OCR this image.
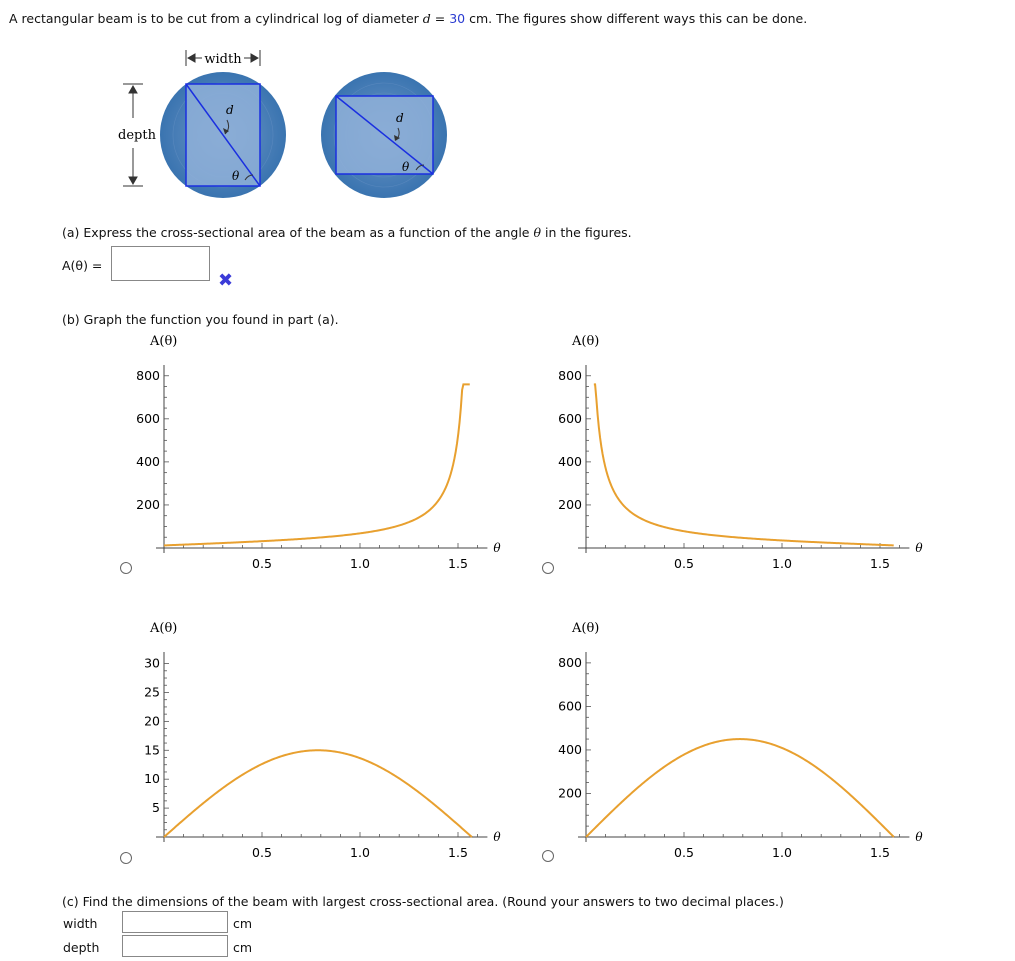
A rectangular beam is to be cut from a cylindrical log of diameter d = 30 cm. The figures show different ways this can be done.
width
depth
d
θ
d
θ
(a) Express the cross-sectional area of the beam as a function of the angle θ in the figures.
A(θ) =
✖
(b) Graph the function you found in part (a).
0.5	1.0	1.5
800
600
400
200
A(θ)
θ
0.5	1.0	1.5
800
600
400
200
A(θ)
θ
0.5	1.0	1.5
30
25
20
15
10
5
A(θ)
θ
0.5	1.0	1.5
800
600
400
200
A(θ)
θ
(c) Find the dimensions of the beam with largest cross-sectional area. (Round your answers to two decimal places.)
width	cm
depth	cm
